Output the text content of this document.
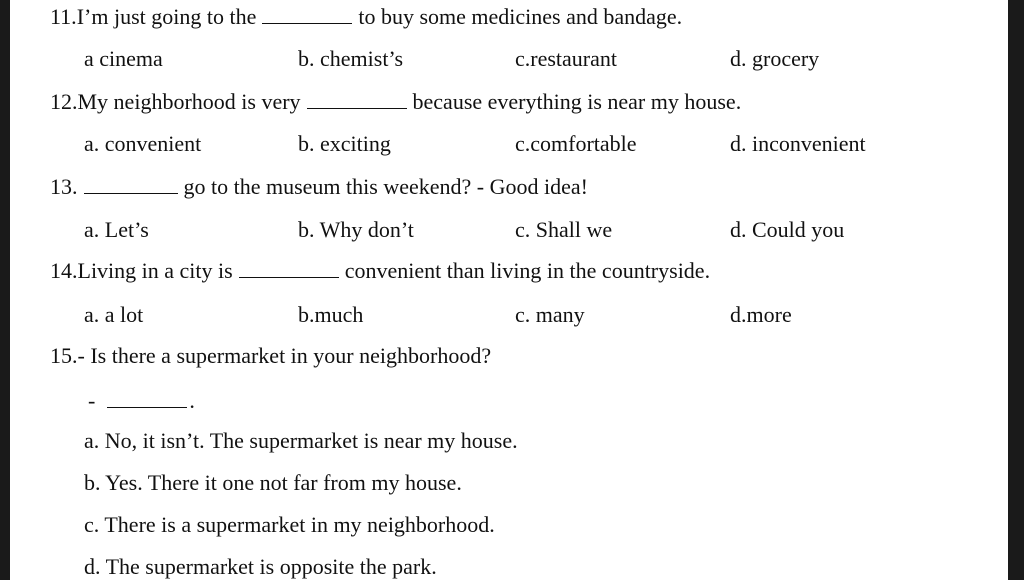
11.I’m just going to the	to buy some medicines and bandage.
a cinema	b. chemist’s	c.restaurant	d. grocery
12.My neighborhood is very	because everything is near my house.
a. convenient	b. exciting	c.comfortable	d. inconvenient
13.	go to the museum this weekend? - Good idea!
a. Let’s	b. Why don’t	c. Shall we	d. Could you
14.Living in a city is	convenient than living in the countryside.
a. a lot	b.much	c. many	d.more
15.- Is there a supermarket in your neighborhood?
-	.
a. No, it isn’t. The supermarket is near my house.
b. Yes. There it one not far from my house.
c. There is a supermarket in my neighborhood.
d. The supermarket is opposite the park.
